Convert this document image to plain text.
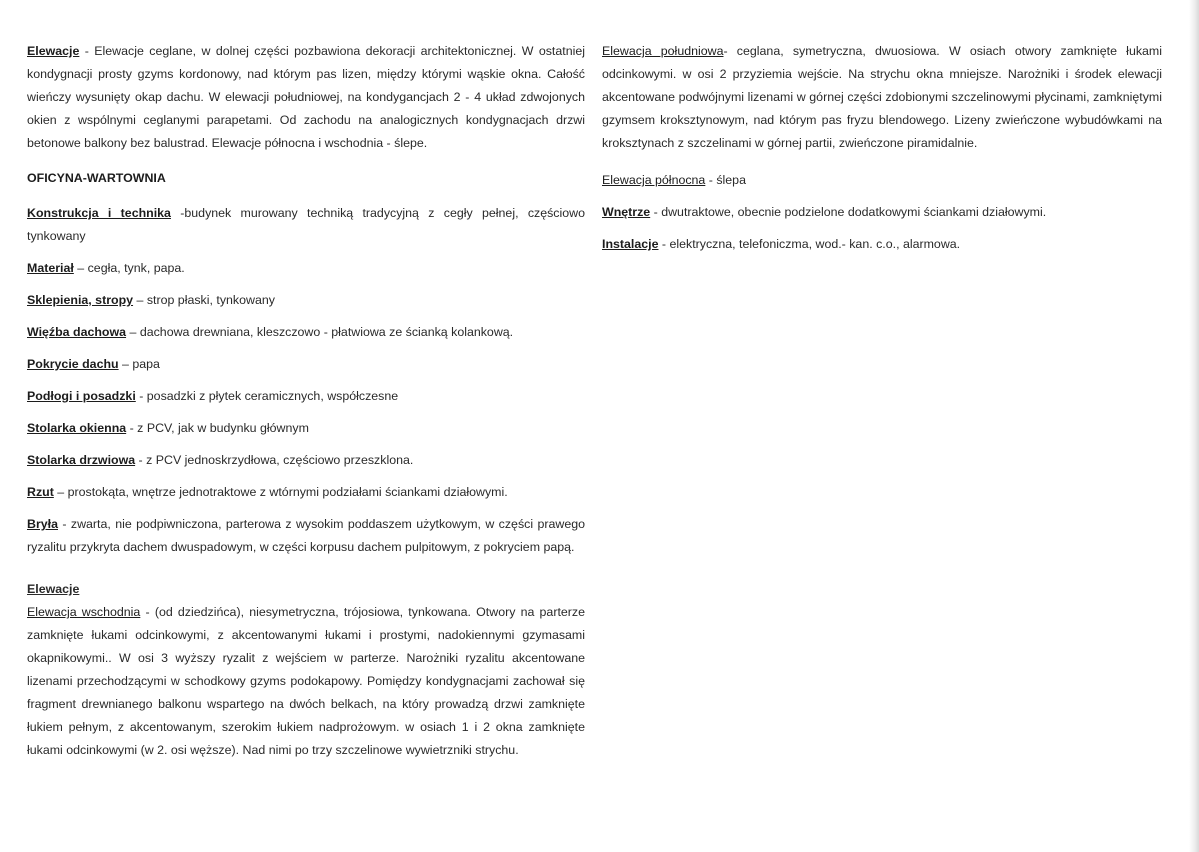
Elewacje - Elewacje ceglane, w dolnej części pozbawiona dekoracji architektonicznej. W ostatniej kondygnacji prosty gzyms kordonowy, nad którym pas lizen, między którymi wąskie okna. Całość wieńczy wysunięty okap dachu. W elewacji południowej, na kondygancjach 2 - 4 układ zdwojonych okien z wspólnymi ceglanymi parapetami. Od zachodu na analogicznych kondygnacjach drzwi betonowe balkony bez balustrad. Elewacje północna i wschodnia - ślepe.

OFICYNA-WARTOWNIA

Konstrukcja i technika -budynek murowany techniką tradycyjną z cegły pełnej, częściowo tynkowany

Materiał – cegła, tynk, papa.

Sklepienia, stropy – strop płaski, tynkowany

Więźba dachowa – dachowa drewniana, kleszczowo - płatwiowa ze ścianką kolankową.

Pokrycie dachu – papa

Podłogi i posadzki - posadzki z płytek ceramicznych, współczesne

Stolarka okienna - z PCV, jak w budynku głównym

Stolarka drzwiowa - z PCV jednoskrzydłowa, częściowo przeszklona.

Rzut – prostokąta, wnętrze jednotraktowe z wtórnymi podziałami ściankami działowymi.

Bryła - zwarta, nie podpiwniczona, parterowa z wysokim poddaszem użytkowym, w części prawego ryzalitu przykryta dachem dwuspadowym, w części korpusu dachem pulpitowym, z pokryciem papą.

Elewacje

Elewacja wschodnia - (od dziedzińca), niesymetryczna, trójosiowa, tynkowana. Otwory na parterze zamknięte łukami odcinkowymi, z akcentowanymi łukami i prostymi, nadokiennymi gzymasami okapnikowymi.. W osi 3 wyższy ryzalit z wejściem w parterze. Narożniki ryzalitu akcentowane lizenami przechodzącymi w schodkowy gzyms podokapowy. Pomiędzy kondygnacjami zachował się fragment drewnianego balkonu wspartego na dwóch belkach, na który prowadzą drzwi zamknięte łukiem pełnym, z akcentowanym, szerokim łukiem nadprożowym. w osiach 1 i 2 okna zamknięte łukami odcinkowymi (w 2. osi węższe). Nad nimi po trzy szczelinowe wywietrzniki strychu.

Elewacja południowa- ceglana, symetryczna, dwuosiowa. W osiach otwory zamknięte łukami odcinkowymi. w osi 2 przyziemia wejście. Na strychu okna mniejsze. Narożniki i środek elewacji akcentowane podwójnymi lizenami w górnej części zdobionymi szczelinowymi płycinami, zamkniętymi gzymsem kroksztynowym, nad którym pas fryzu blendowego. Lizeny zwieńczone wybudówkami na kroksztynach z szczelinami w górnej partii, zwieńczone piramidalnie.

Elewacja północna - ślepa

Wnętrze - dwutraktowe, obecnie podzielone dodatkowymi ściankami działowymi.

Instalacje - elektryczna, telefoniczma, wod.- kan. c.o., alarmowa.
